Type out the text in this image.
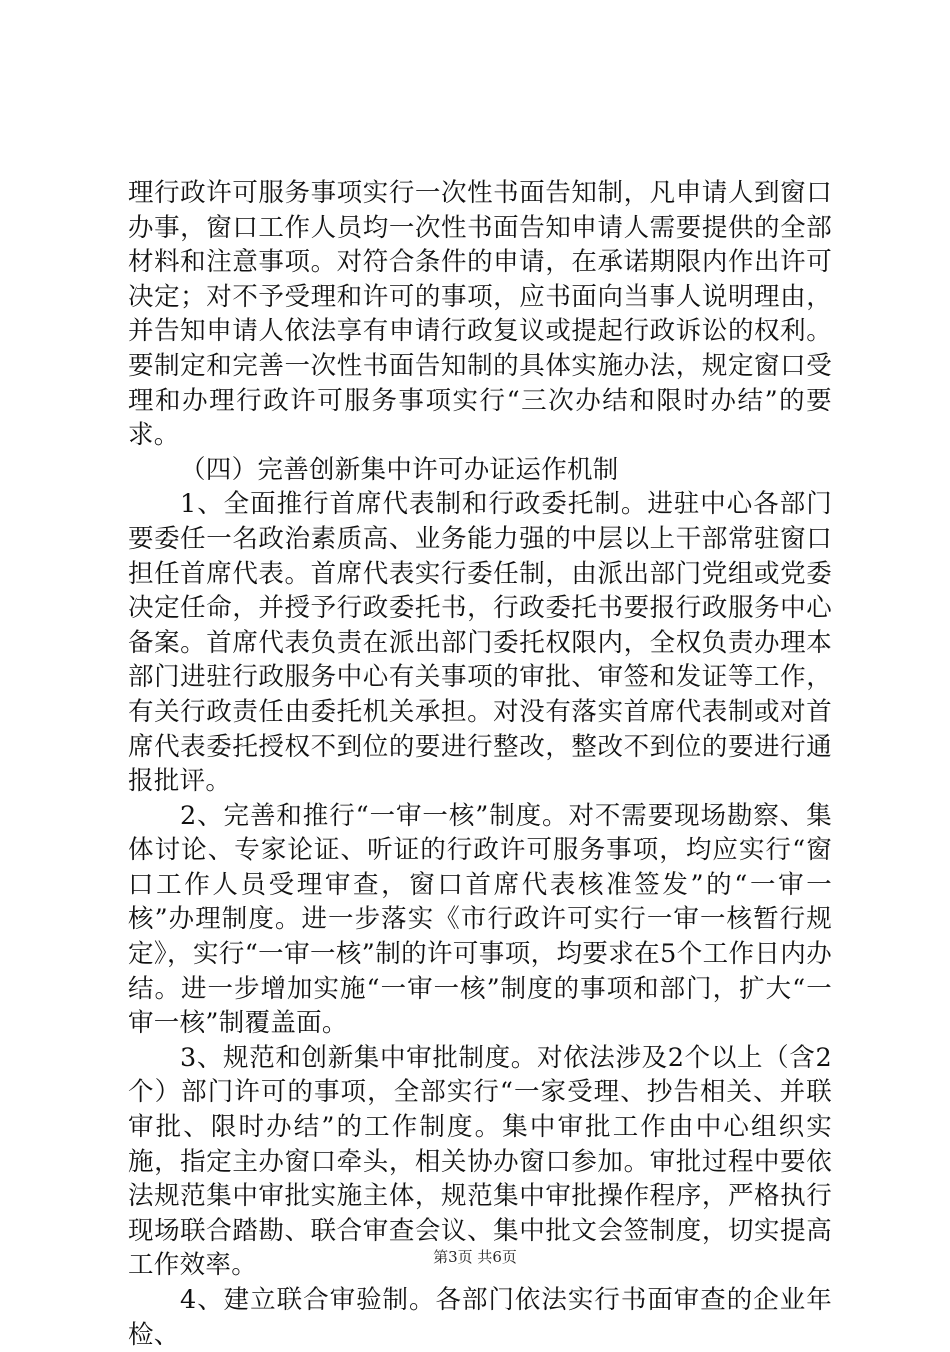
理行政许可服务事项实行一次性书面告知制，凡申请人到窗口办事，窗口工作人员均一次性书面告知申请人需要提供的全部材料和注意事项。对符合条件的申请，在承诺期限内作出许可决定；对不予受理和许可的事项，应书面向当事人说明理由，并告知申请人依法享有申请行政复议或提起行政诉讼的权利。要制定和完善一次性书面告知制的具体实施办法，规定窗口受理和办理行政许可服务事项实行“三次办结和限时办结”的要求。

（四）完善创新集中许可办证运作机制

1、全面推行首席代表制和行政委托制。进驻中心各部门要委任一名政治素质高、业务能力强的中层以上干部常驻窗口担任首席代表。首席代表实行委任制，由派出部门党组或党委决定任命，并授予行政委托书，行政委托书要报行政服务中心备案。首席代表负责在派出部门委托权限内，全权负责办理本部门进驻行政服务中心有关事项的审批、审签和发证等工作，有关行政责任由委托机关承担。对没有落实首席代表制或对首席代表委托授权不到位的要进行整改，整改不到位的要进行通报批评。

2、完善和推行“一审一核”制度。对不需要现场勘察、集体讨论、专家论证、听证的行政许可服务事项，均应实行“窗口工作人员受理审查，窗口首席代表核准签发”的“一审一核”办理制度。进一步落实《市行政许可实行一审一核暂行规定》，实行“一审一核”制的许可事项，均要求在5个工作日内办结。进一步增加实施“一审一核”制度的事项和部门，扩大“一审一核”制覆盖面。

3、规范和创新集中审批制度。对依法涉及2个以上（含2个）部门许可的事项，全部实行“一家受理、抄告相关、并联审批、限时办结”的工作制度。集中审批工作由中心组织实施，指定主办窗口牵头，相关协办窗口参加。审批过程中要依法规范集中审批实施主体，规范集中审批操作程序，严格执行现场联合踏勘、联合审查会议、集中批文会签制度，切实提高工作效率。

4、建立联合审验制。各部门依法实行书面审查的企业年检、

第3页 共6页
